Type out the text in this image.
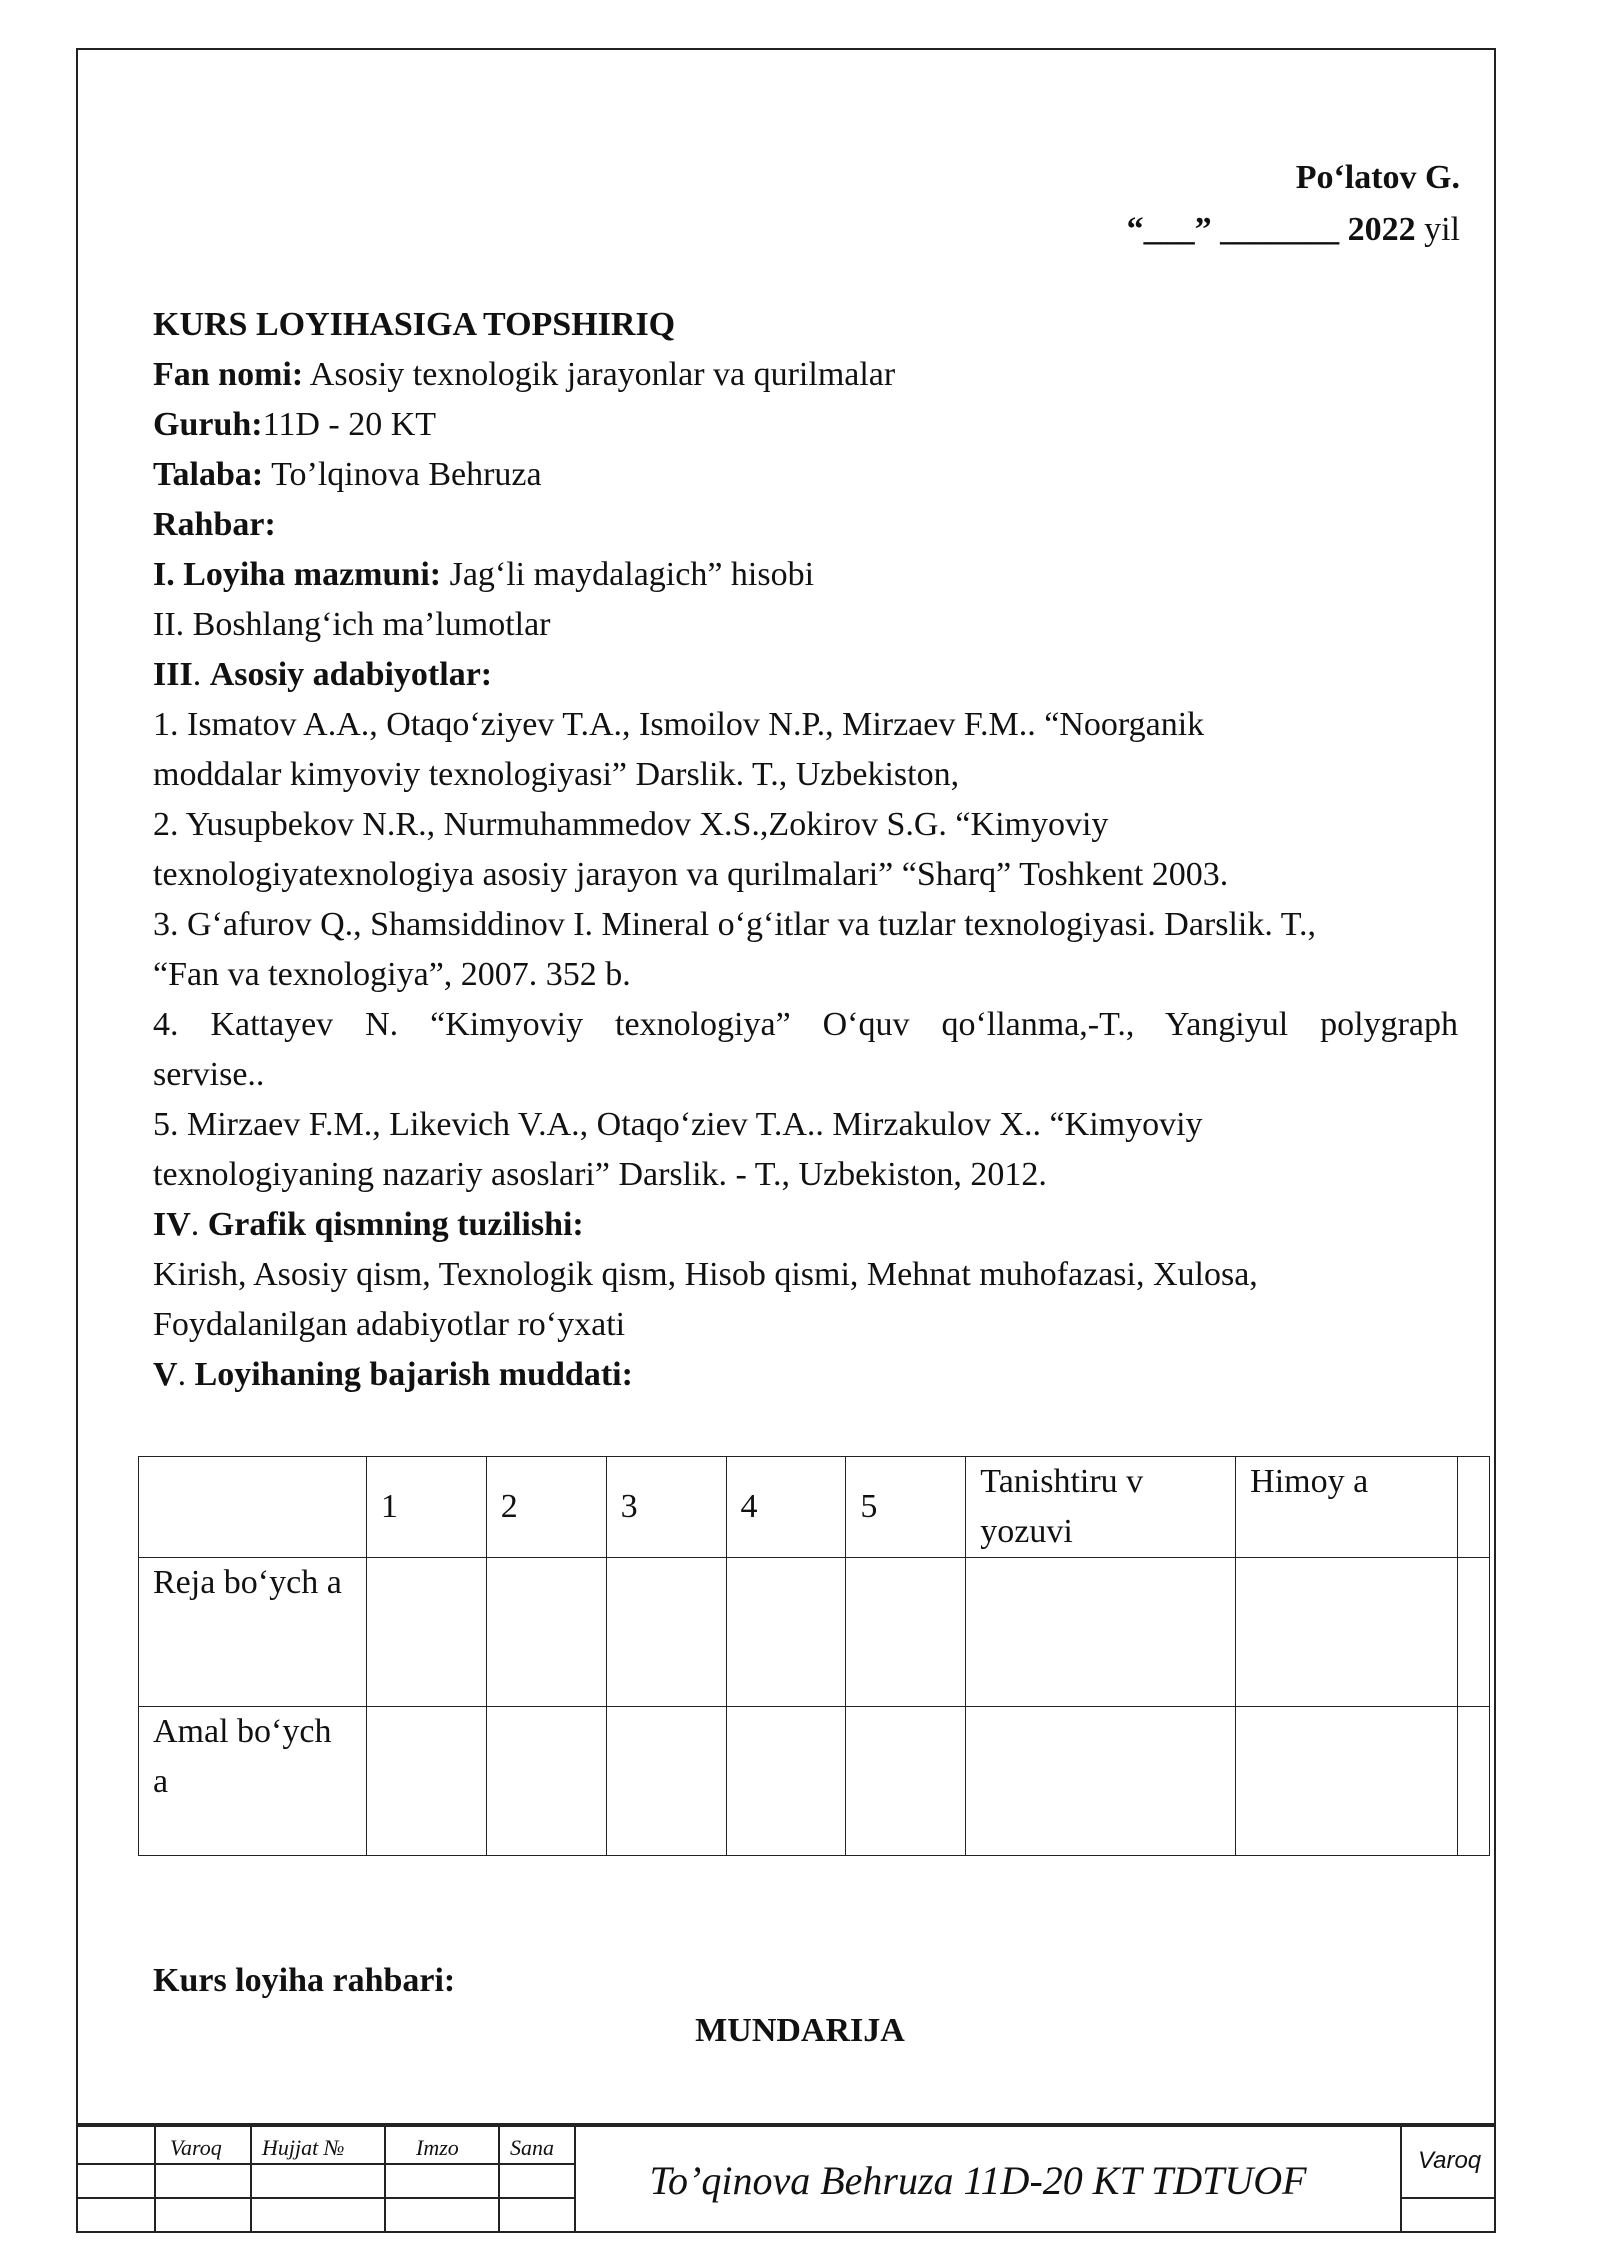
Po‘latov G.
“___” _______ 2022 yil

KURS LOYIHASIGA TOPSHIRIQ

Fan nomi: Asosiy texnologik jarayonlar va qurilmalar

Guruh:11D - 20 KT

Talaba: To’lqinova Behruza

Rahbar:

I. Loyiha mazmuni: Jag‘li maydalagich” hisobi

II. Boshlang‘ich ma’lumotlar

III. Asosiy adabiyotlar:

1. Ismatov A.A., Otaqo‘ziyev T.A., Ismoilov N.P., Mirzaev F.M.. “Noorganik

moddalar kimyoviy texnologiyasi” Darslik. T., Uzbekiston,

2. Yusupbekov N.R., Nurmuhammedov X.S.,Zokirov S.G. “Kimyoviy

texnologiyatexnologiya asosiy jarayon va qurilmalari” “Sharq” Toshkent 2003.

3. G‘afurov Q., Shamsiddinov I. Mineral o‘g‘itlar va tuzlar texnologiyasi. Darslik. T.,

“Fan va texnologiya”, 2007. 352 b.

4. Kattayev N. “Kimyoviy texnologiya” O‘quv qo‘llanma,-T., Yangiyul polygraph

servise..

5. Mirzaev F.M., Likevich V.A., Otaqo‘ziev T.A.. Mirzakulov X.. “Kimyoviy

texnologiyaning nazariy asoslari” Darslik. - T., Uzbekiston, 2012.

IV. Grafik qismning tuzilishi:

Kirish, Asosiy qism, Texnologik qism, Hisob qismi, Mehnat muhofazasi, Xulosa,

Foydalanilgan adabiyotlar ro‘yxati

V. Loyihaning bajarish muddati:

	1	2	3	4	5	Tanishtiru v yozuvi	Himoy a	
Reja bo‘ych a								
Amal bo‘ych a								
Kurs loyiha rahbari:
MUNDARIJA
Varoq Hujjat №	Imzo Sana
To’qinova Behruza 11D-20 KT TDTUOF	Varoq
